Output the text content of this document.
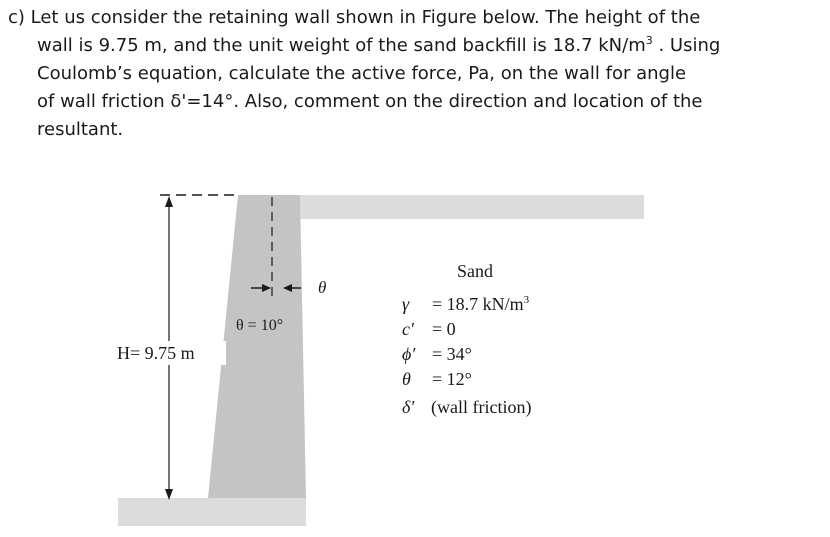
c) Let us consider the retaining wall shown in Figure below. The height of the
wall is 9.75 m, and the unit weight of the sand backfill is 18.7 $kN/m^3$ . Using
Coulomb’s equation, calculate the active force, Pa, on the wall for angle
of wall friction δ'=14°. Also, comment on the direction and location of the
resultant.
H= 9.75 m
θ
θ = 10°
Sand
γ = 18.7 $kN/m^3$
c′ = 0
ϕ′ = 34°
θ = 12°
δ′ (wall friction)
